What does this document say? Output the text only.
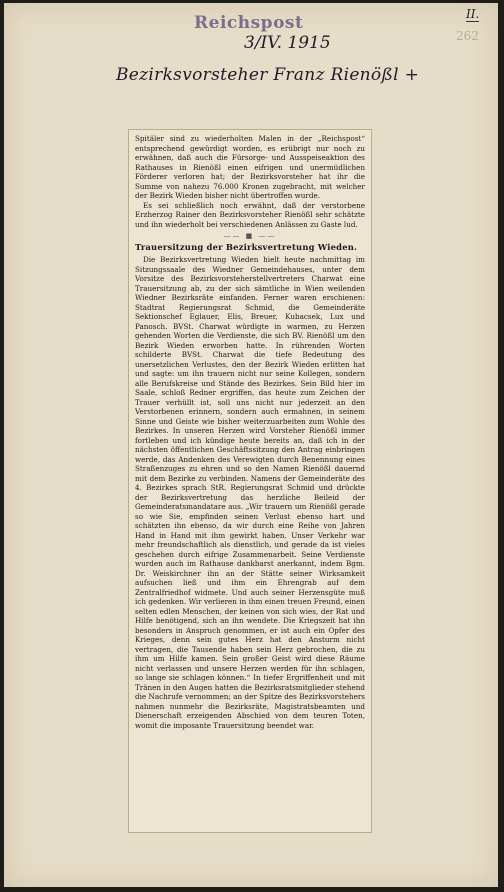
Reichspost
3/IV. 1915
II.
262
Bezirksvorsteher Franz Rienößl +

Spitäler sind zu wiederholten Malen in der „Reichspost“ entsprechend gewürdigt worden, es erübrigt nur noch zu erwähnen, daß auch die Fürsorge- und Ausspeiseaktion des Rathauses in Rienößl einen eifrigen und unermüdlichen Förderer verloren hat; der Bezirksvorsteher hat ihr die Summe von nahezu 76.000 Kronen zugebracht, mit welcher der Bezirk Wieden bisher nicht übertroffen wurde.

Es sei schließlich noch erwähnt, daß der verstorbene Erzherzog Rainer den Bezirksvorsteher Rienößl sehr schätzte und ihn wiederholt bei verschiedenen Anlässen zu Gaste lud.

—— ■ ——
Trauersitzung der Bezirksvertretung Wieden.

Die Bezirksvertretung Wieden hielt heute nachmittag im Sitzungssaale des Wiedner Gemeindehauses, unter dem Vorsitze des Bezirksvorsteherstellvertreters Charwat eine Trauersitzung ab, zu der sich sämtliche in Wien weilenden Wiedner Bezirksräte einfanden. Ferner waren erschienen: Stadtrat Regierungsrat Schmid, die Gemeinderäte Sektionschef Eglauer, Elis, Breuer, Kubacsek, Lux und Panosch. BVSt. Charwat würdigte in warmen, zu Herzen gehenden Worten die Verdienste, die sich BV. Rienößl um den Bezirk Wieden erworben hatte. In rührenden Worten schilderte BVSt. Charwat die tiefe Bedeutung des unersetzlichen Verlustes, den der Bezirk Wieden erlitten hat und sagte: um ihn trauern nicht nur seine Kollegen, sondern alle Berufskreise und Stände des Bezirkes. Sein Bild hier im Saale, schloß Redner ergriffen, das heute zum Zeichen der Trauer verhüllt ist, soll uns nicht nur jederzeit an den Verstorbenen erinnern, sondern auch ermahnen, in seinem Sinne und Geiste wie bisher weiterzuarbeiten zum Wohle des Bezirkes. In unseren Herzen wird Vorsteher Rienößl immer fortleben und ich kündige heute bereits an, daß ich in der nächsten öffentlichen Geschäftssitzung den Antrag einbringen werde, das Andenken des Verewigten durch Benennung eines Straßenzuges zu ehren und so den Namen Rienößl dauernd mit dem Bezirke zu verbinden. Namens der Gemeinderäte des 4. Bezirkes sprach StR. Regierungsrat Schmid und drückte der Bezirksvertretung das herzliche Beileid der Gemeinderatsmandatare aus. „Wir trauern um Rienößl gerade so wie Sie, empfinden seinen Verlust ebenso hart und schätzten ihn ebenso, da wir durch eine Reihe von Jahren Hand in Hand mit ihm gewirkt haben. Unser Verkehr war mehr freundschaftlich als dienstlich, und gerade da ist vieles geschehen durch eifrige Zusammenarbeit. Seine Verdienste wurden auch im Rathause dankbarst anerkannt, indem Bgm. Dr. Weiskirchner ihn an der Stätte seiner Wirksamkeit aufsuchen ließ und ihm ein Ehrengrab auf dem Zentralfriedhof widmete. Und auch seiner Herzensgüte muß ich gedenken. Wir verlieren in ihm einen treuen Freund, einen selten edlen Menschen, der keinen von sich wies, der Rat und Hilfe benötigend, sich an ihn wendete. Die Kriegszeit hat ihn besonders in Anspruch genommen, er ist auch ein Opfer des Krieges, denn sein gutes Herz hat den Ansturm nicht vertragen, die Tausende haben sein Herz gebrochen, die zu ihm um Hilfe kamen. Sein großer Geist wird diese Räume nicht verlassen und unsere Herzen werden für ihn schlagen, so lange sie schlagen können.“ In tiefer Ergriffenheit und mit Tränen in den Augen hatten die Bezirksratsmitglieder stehend die Nachrufe vernommen; an der Spitze des Bezirksvorstehers nahmen nunmehr die Bezirksräte, Magistratsbeamten und Dienerschaft erzeigenden Abschied von dem teuren Toten, womit die imposante Trauersitzung beendet war.
